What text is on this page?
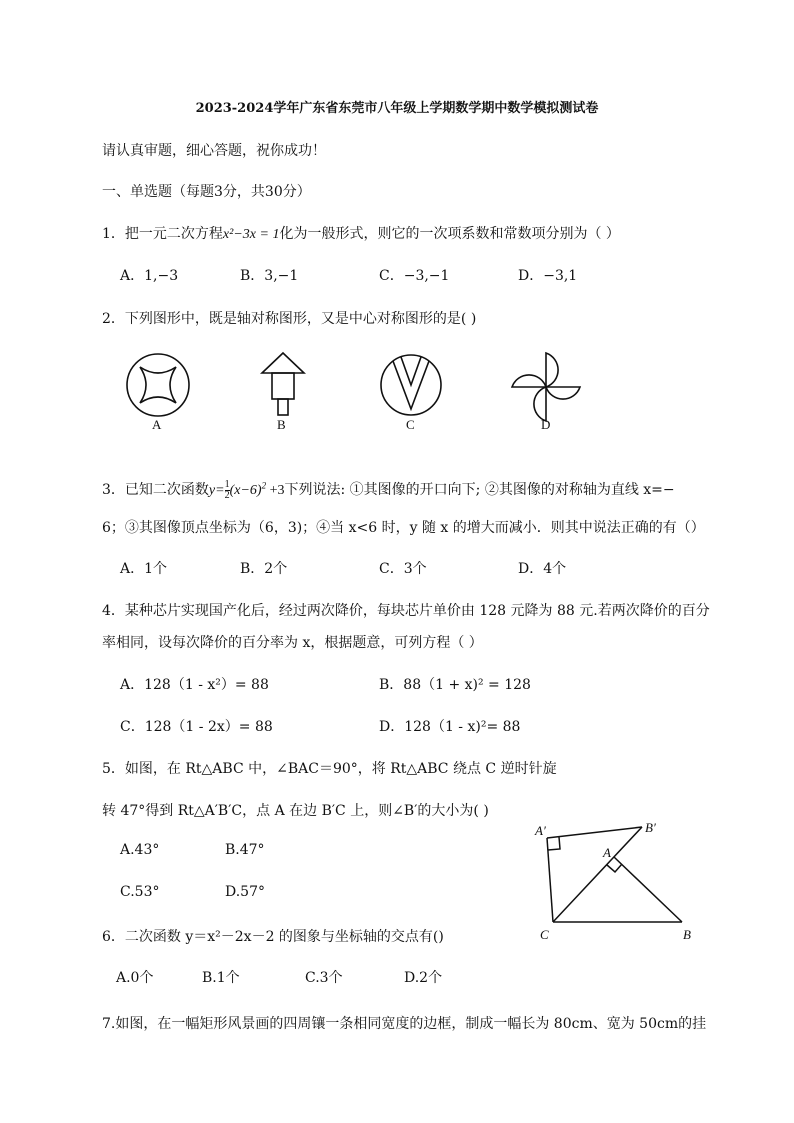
2023-2024学年广东省东莞市八年级上学期数学期中数学模拟测试卷
请认真审题，细心答题，祝你成功！
一、单选题（每题3分，共30分）
1．把一元二次方程x²−3x = 1化为一般形式，则它的一次项系数和常数项分别为（ ）
A．1,−3	B．3,−1	C．−3,−1	D．−3,1
2．下列图形中，既是轴对称图形，又是中心对称图形的是( )
A	B	C	D
3．已知二次函数$y= \frac{1}{2} (x-6)^2 +3$下列说法: ①其图像的开口向下; ②其图像的对称轴为直线 x=−
6；③其图像顶点坐标为（6，3)；④当 x<6 时，y 随 x 的增大而减小．则其中说法正确的有（）
A．1个	B．2个	C．3个	D．4个
4．某种芯片实现国产化后，经过两次降价，每块芯片单价由 128 元降为 88 元.若两次降价的百分
率相同，设每次降价的百分率为 x，根据题意，可列方程（ ）
A．128（1 - x²）= 88	B．88（1 + x)² = 128
C．128（1 - 2x）= 88	D．128（1 - x)²= 88
5．如图，在 Rt△ABC 中，∠BAC＝90°，将 Rt△ABC 绕点 C 逆时针旋
转 47°得到 Rt△A′B′C，点 A 在边 B′C 上，则∠B′的大小为( )
A.43°	B.47°
C.53°	D.57°
A′	B′
A
C	B
6．二次函数 y＝x²－2x－2 的图象与坐标轴的交点有()
A.0个	B.1个	C.3个	D.2个
7.如图，在一幅矩形风景画的四周镶一条相同宽度的边框，制成一幅长为 80cm、宽为 50cm的挂
